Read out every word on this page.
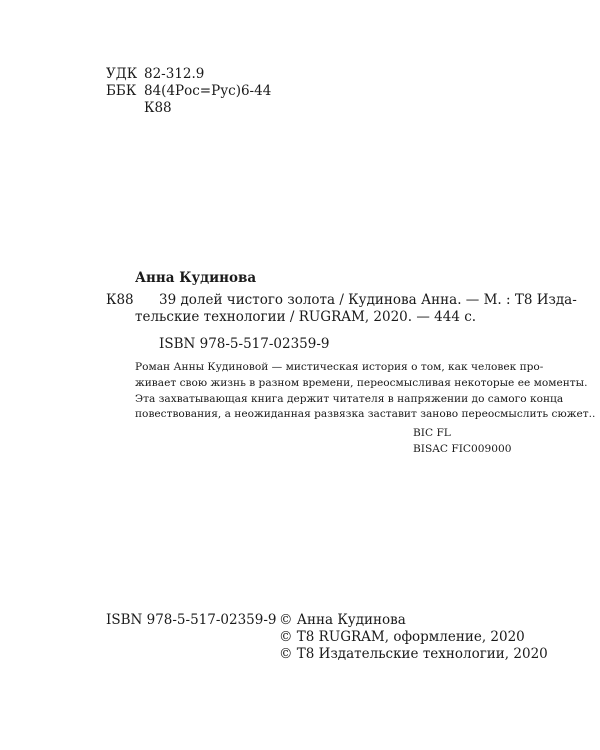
УДК 82-312.9
ББК 84(4Рос=Рус)6-44
К88
Анна Кудинова
К88 39 долей чистого золота / Кудинова Анна. — М. : Т8 Изда-
тельские технологии / RUGRAM, 2020. — 444 с.
ISBN 978-5-517-02359-9
Роман Анны Кудиновой — мистическая история о том, как человек про-
живает свою жизнь в разном времени, переосмысливая некоторые ее моменты.
Эта захватывающая книга держит читателя в напряжении до самого конца
повествования, а неожиданная развязка заставит заново переосмыслить сюжет..
BIC FL
BISAC FIC009000
ISBN 978-5-517-02359-9 © Анна Кудинова
© Т8 RUGRAM, оформление, 2020
© Т8 Издательские технологии, 2020
